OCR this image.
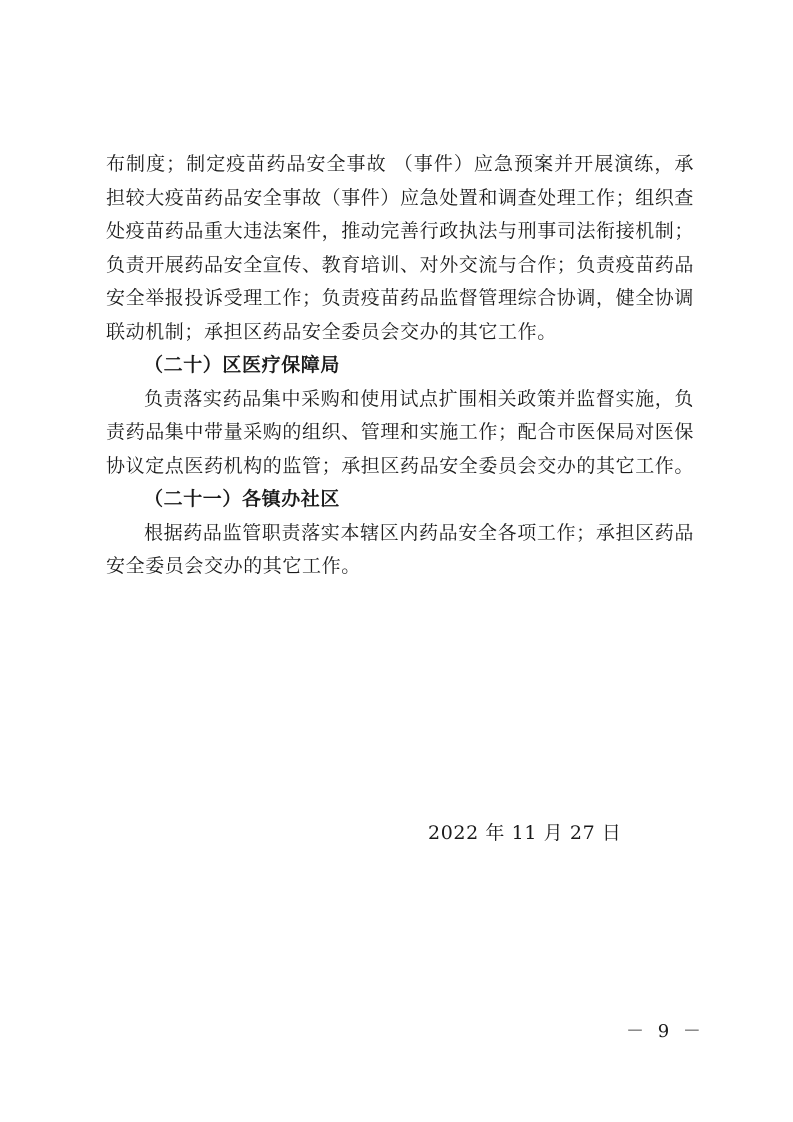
布制度；制定疫苗药品安全事故 （事件）应急预案并开展演练，承担较大疫苗药品安全事故（事件）应急处置和调查处理工作；组织查处疫苗药品重大违法案件，推动完善行政执法与刑事司法衔接机制；负责开展药品安全宣传、教育培训、对外交流与合作；负责疫苗药品安全举报投诉受理工作；负责疫苗药品监督管理综合协调，健全协调联动机制；承担区药品安全委员会交办的其它工作。

（二十）区医疗保障局

负责落实药品集中采购和使用试点扩围相关政策并监督实施，负责药品集中带量采购的组织、管理和实施工作；配合市医保局对医保协议定点医药机构的监管；承担区药品安全委员会交办的其它工作。

（二十一）各镇办社区

根据药品监管职责落实本辖区内药品安全各项工作；承担区药品安全委员会交办的其它工作。

2022 年 11 月 27 日
－ 9 －
